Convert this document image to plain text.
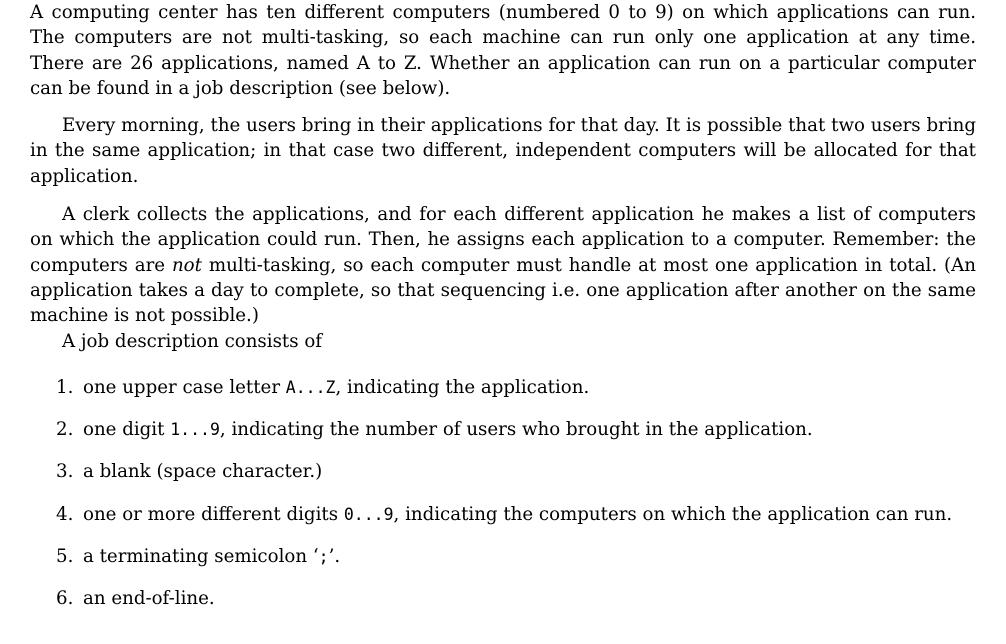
A computing center has ten different computers (numbered 0 to 9) on which applications can run. The computers are not multi-tasking, so each machine can run only one application at any time. There are 26 applications, named A to Z. Whether an application can run on a particular computer can be found in a job description (see below).

Every morning, the users bring in their applications for that day. It is possible that two users bring in the same application; in that case two different, independent computers will be allocated for that application.

A clerk collects the applications, and for each different application he makes a list of computers on which the application could run. Then, he assigns each application to a computer. Remember: the computers are not multi-tasking, so each computer must handle at most one application in total. (An application takes a day to complete, so that sequencing i.e. one application after another on the same machine is not possible.)

A job description consists of

1. one upper case letter A...Z, indicating the application.
2. one digit 1...9, indicating the number of users who brought in the application.
3. a blank (space character.)
4. one or more different digits 0...9, indicating the computers on which the application can run.
5. a terminating semicolon ‘;’.
6. an end-of-line.
